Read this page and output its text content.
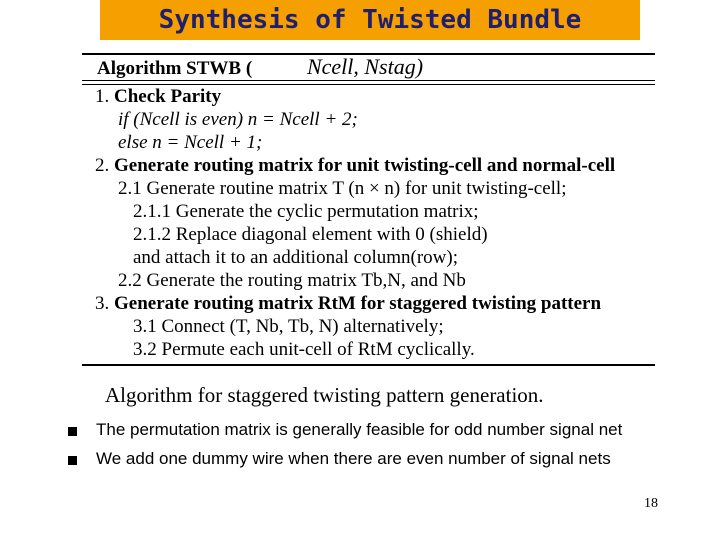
Synthesis of Twisted Bundle
Algorithm STWB ( Ncell, Nstag)
1. Check Parity
if (Ncell is even) n = Ncell + 2;
else n = Ncell + 1;
2. Generate routing matrix for unit twisting-cell and normal-cell
2.1 Generate routine matrix T (n × n) for unit twisting-cell;
2.1.1 Generate the cyclic permutation matrix;
2.1.2 Replace diagonal element with 0 (shield)
and attach it to an additional column(row);
2.2 Generate the routing matrix Tb,N, and Nb
3. Generate routing matrix RtM for staggered twisting pattern
3.1 Connect (T, Nb, Tb, N) alternatively;
3.2 Permute each unit-cell of RtM cyclically.
Algorithm for staggered twisting pattern generation.
The permutation matrix is generally feasible for odd number signal net
We add one dummy wire when there are even number of signal nets
18
